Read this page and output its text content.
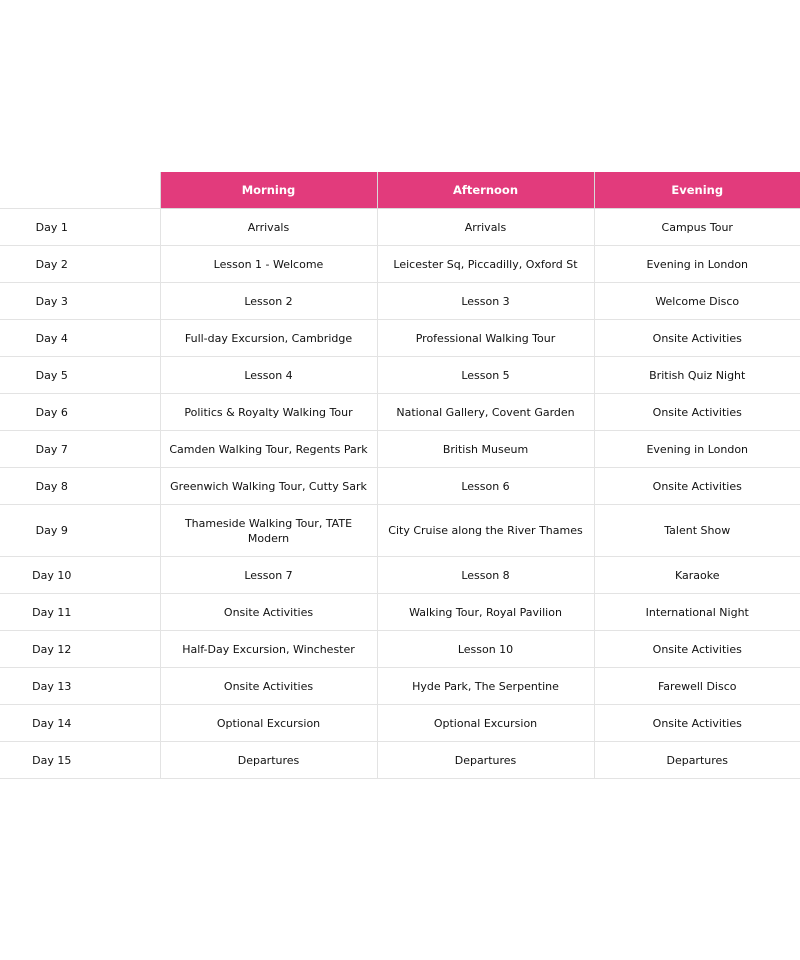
	Morning	Afternoon	Evening
Day 1	Arrivals	Arrivals	Campus Tour
Day 2	Lesson 1 - Welcome	Leicester Sq, Piccadilly, Oxford St	Evening in London
Day 3	Lesson 2	Lesson 3	Welcome Disco
Day 4	Full-day Excursion, Cambridge	Professional Walking Tour	Onsite Activities
Day 5	Lesson 4	Lesson 5	British Quiz Night
Day 6	Politics & Royalty Walking Tour	National Gallery, Covent Garden	Onsite Activities
Day 7	Camden Walking Tour, Regents Park	British Museum	Evening in London
Day 8	Greenwich Walking Tour, Cutty Sark	Lesson 6	Onsite Activities
Day 9	Thameside Walking Tour, TATE Modern	City Cruise along the River Thames	Talent Show
Day 10	Lesson 7	Lesson 8	Karaoke
Day 11	Onsite Activities	Walking Tour, Royal Pavilion	International Night
Day 12	Half-Day Excursion, Winchester	Lesson 10	Onsite Activities
Day 13	Onsite Activities	Hyde Park, The Serpentine	Farewell Disco
Day 14	Optional Excursion	Optional Excursion	Onsite Activities
Day 15	Departures	Departures	Departures
